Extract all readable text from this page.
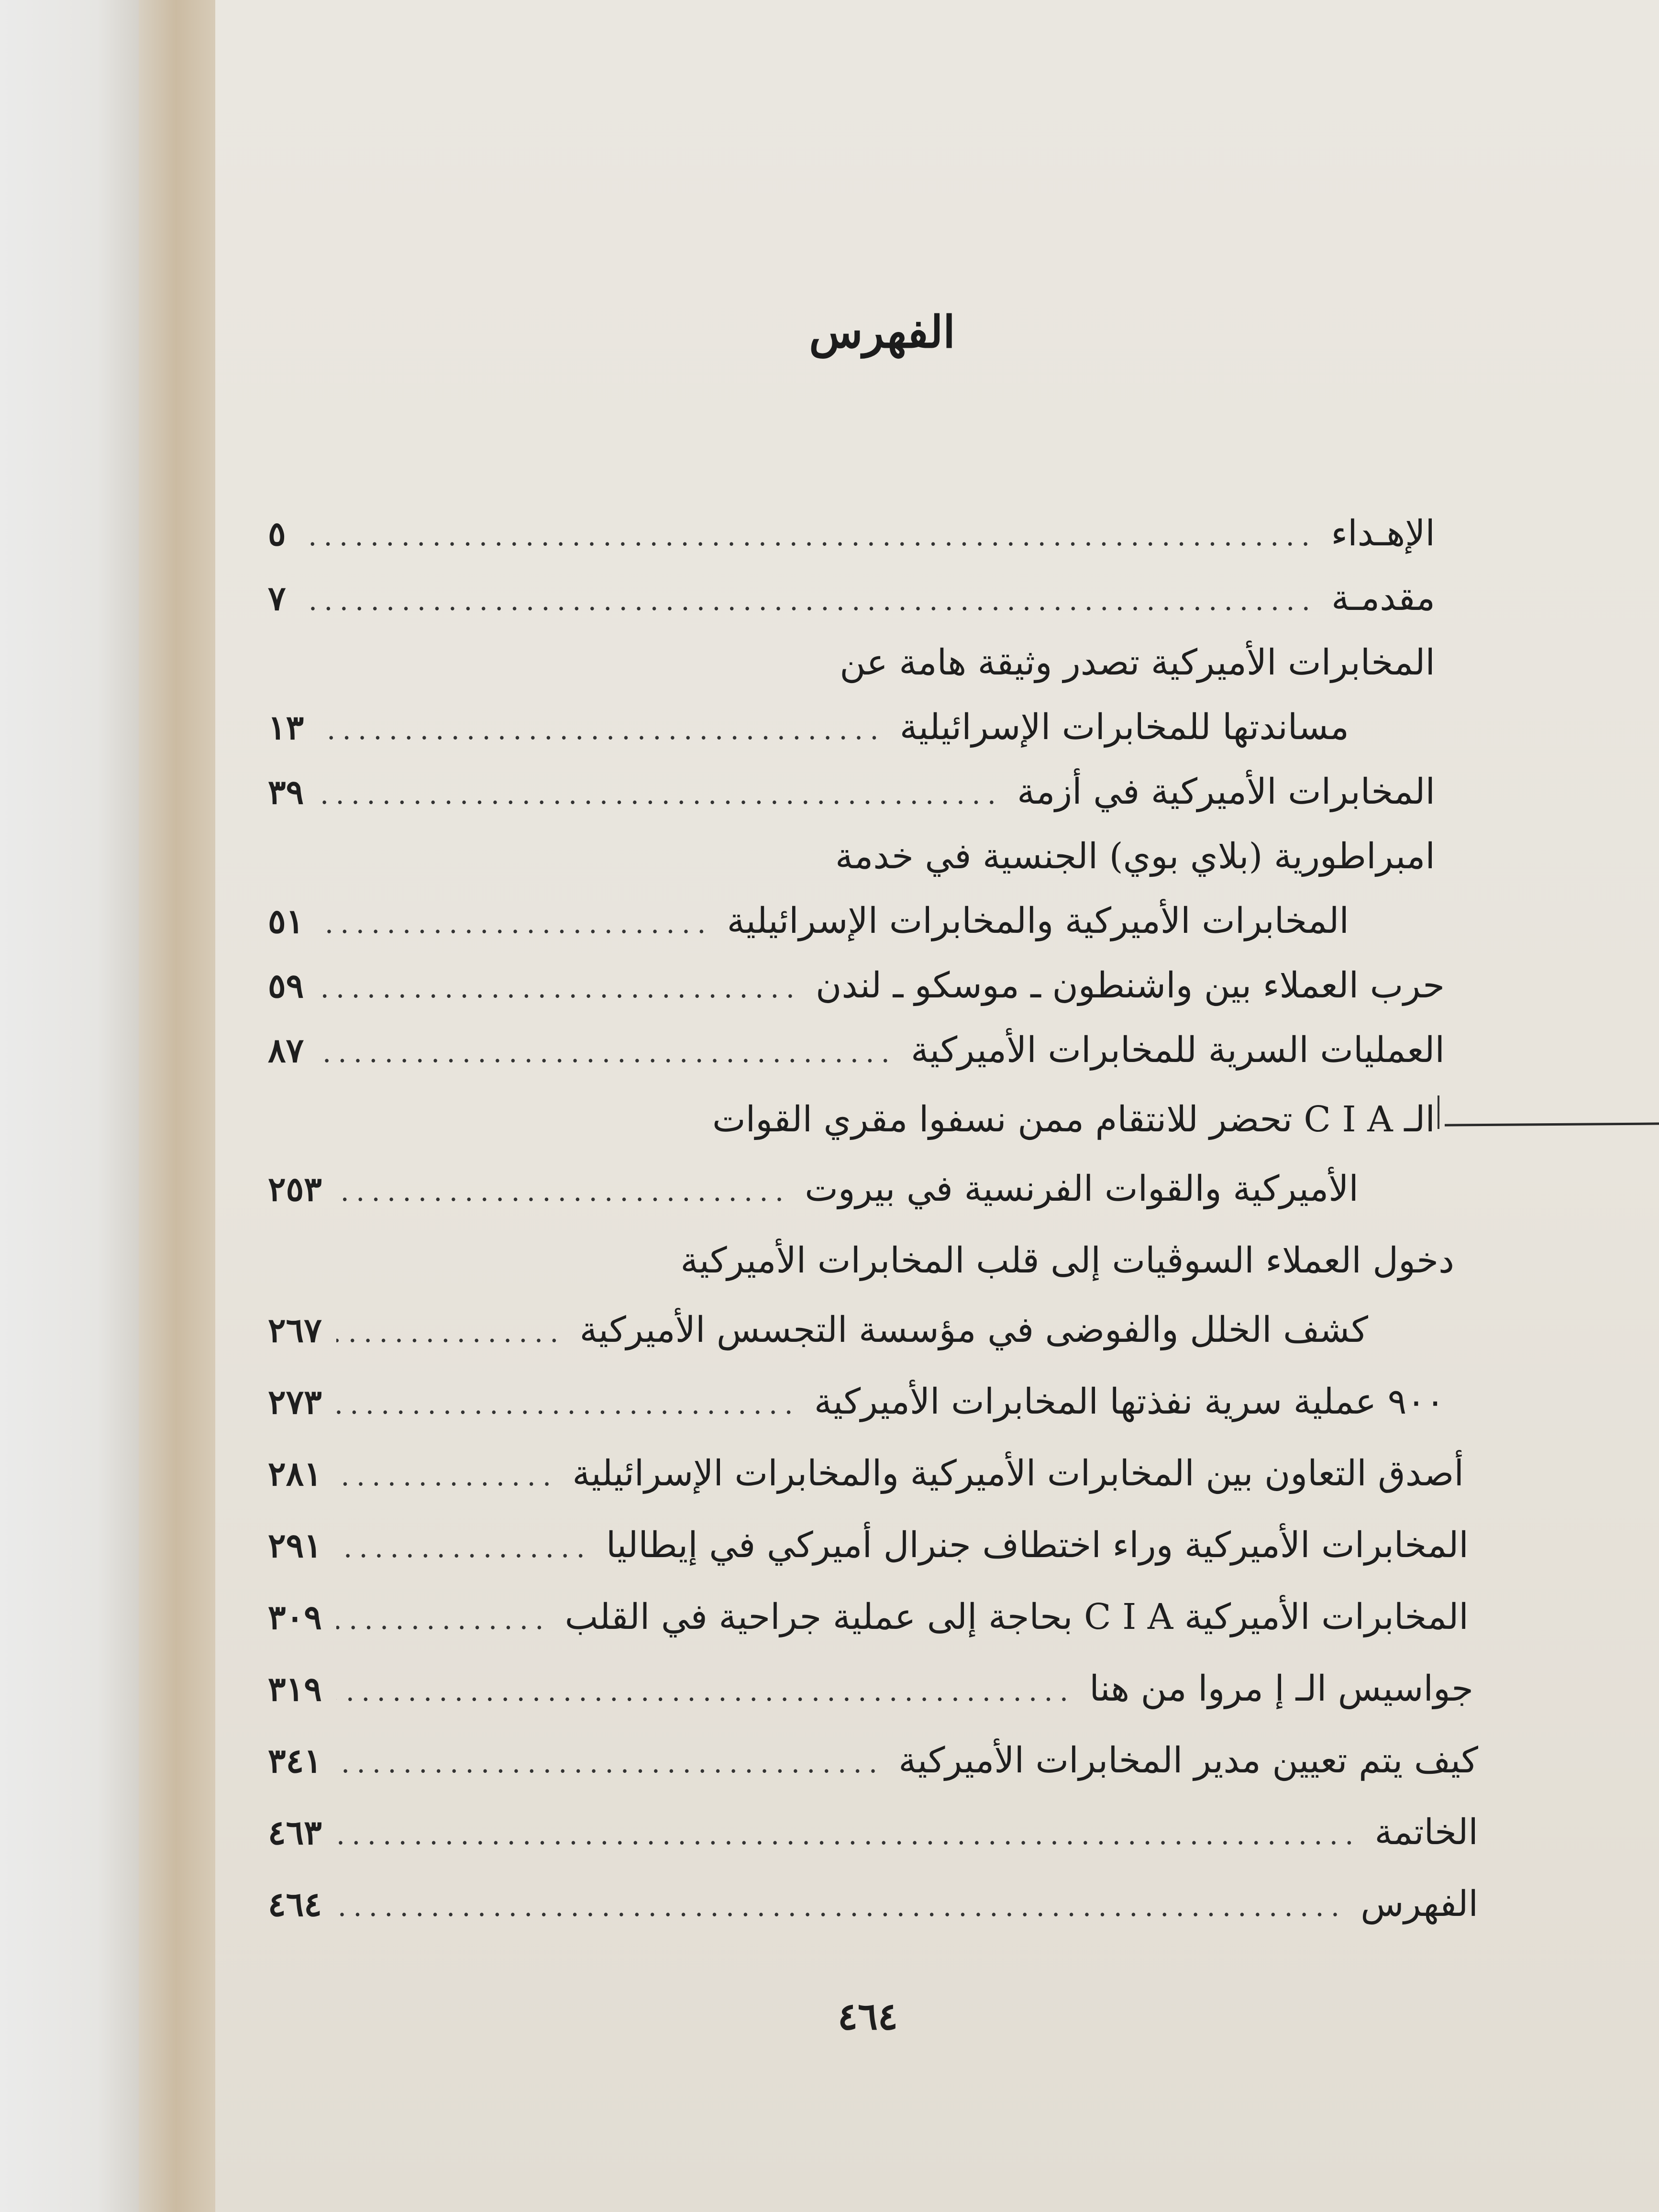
الفهرس
الإهـداء
.....
٥
مقدمـة
.....
٧
المخابرات الأميركية تصدر وثيقة هامة عن
مساندتها للمخابرات الإسرائيلية
.....
١٣
المخابرات الأميركية في أزمة
.....
٣٩
امبراطورية (بلاي بوي) الجنسية في خدمة
المخابرات الأميركية والمخابرات الإسرائيلية
.....
٥١
حرب العملاء بين واشنطون ـ موسكو ـ لندن
.....
٥٩
العمليات السرية للمخابرات الأميركية
.....
٨٧
الـ C I A تحضر للانتقام ممن نسفوا مقري القوات
الأميركية والقوات الفرنسية في بيروت
.....
٢٥٣
دخول العملاء السوڤيات إلى قلب المخابرات الأميركية
كشف الخلل والفوضى في مؤسسة التجسس الأميركية
.....
٢٦٧
٩٠٠ عملية سرية نفذتها المخابرات الأميركية
.....
٢٧٣
أصدق التعاون بين المخابرات الأميركية والمخابرات الإسرائيلية
.....
٢٨١
المخابرات الأميركية وراء اختطاف جنرال أميركي في إيطاليا
.....
٢٩١
المخابرات الأميركية C I A بحاجة إلى عملية جراحية في القلب
.....
٣٠٩
جواسيس الـ إ مروا من هنا
.....
٣١٩
كيف يتم تعيين مدير المخابرات الأميركية
.....
٣٤١
الخاتمة
.....
٤٦٣
الفهرس
.....
٤٦٤
٤٦٤
